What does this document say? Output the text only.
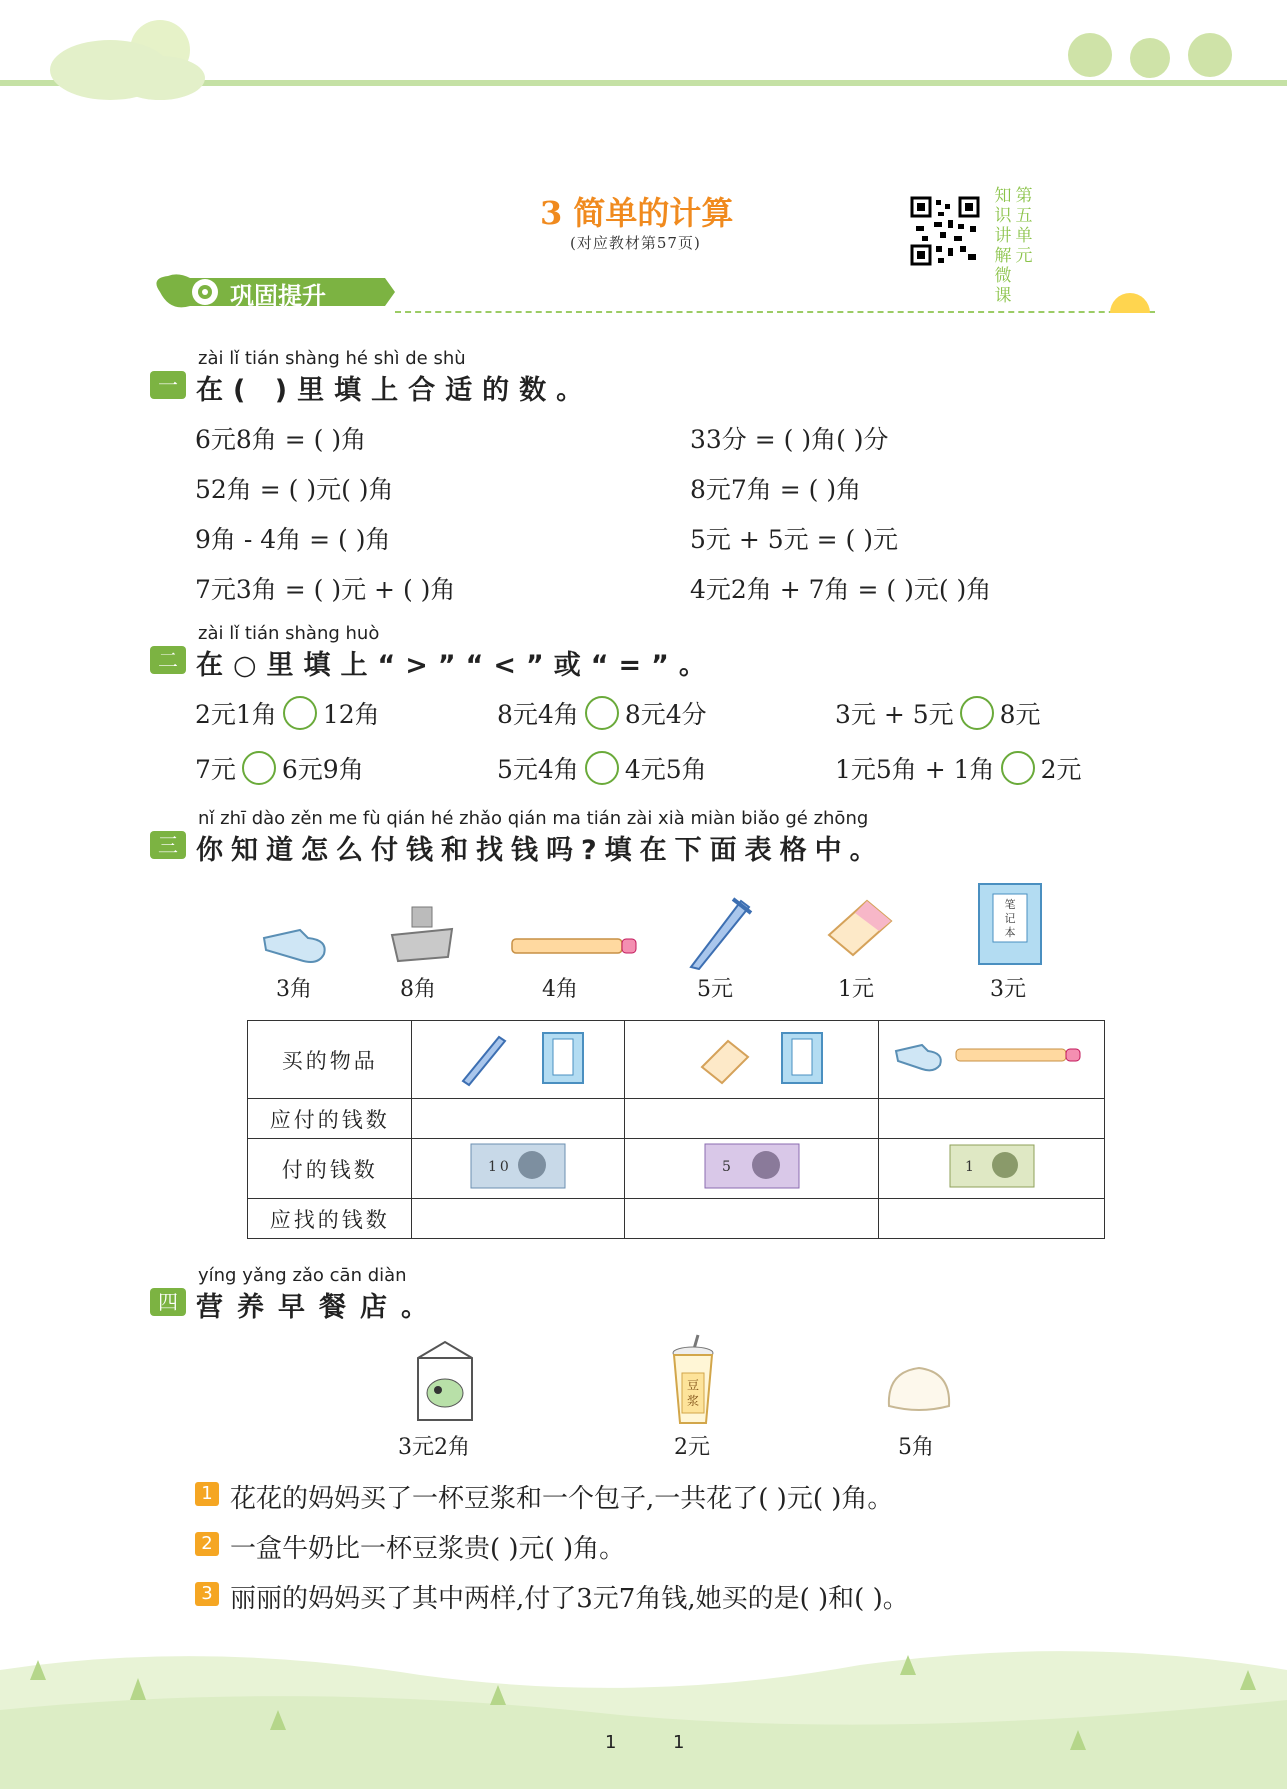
3 简单的计算
(对应教材第57页)
知识讲解微课
第五单元
巩固提升
zài lǐ tián shàng hé shì de shù
一 在( )里填上合适的数。
6元8角 = ( )角
52角 = ( )元( )角
9角 - 4角 = ( )角
7元3角 = ( )元 + ( )角
33分 = ( )角( )分
8元7角 = ( )角
5元 + 5元 = ( )元
4元2角 + 7角 = ( )元( )角
zài lǐ tián shàng huò
二 在○里填上“>”“<”或“=”。
2元1角 12角	8元4角 8元4分	3元 + 5元 8元
7元 6元9角	5元4角 4元5角	1元5角 + 1角 2元
nǐ zhī dào zěn me fù qián hé zhǎo qián ma tián zài xià miàn biǎo gé zhōng
三 你知道怎么付钱和找钱吗?填在下面表格中。
笔
记
本
3角	8角	4角	5元	1元	3元
买的物品			
应付的钱数			
付的钱数	10	5	1

应找的钱数			
yíng yǎng zǎo cān diàn
四 营养早餐店。
豆
浆
3元2角	2元	5角
1 花花的妈妈买了一杯豆浆和一个包子,一共花了( )元( )角。
2 一盒牛奶比一杯豆浆贵( )元( )角。
3 丽丽的妈妈买了其中两样,付了3元7角钱,她买的是( )和( )。
1	1
